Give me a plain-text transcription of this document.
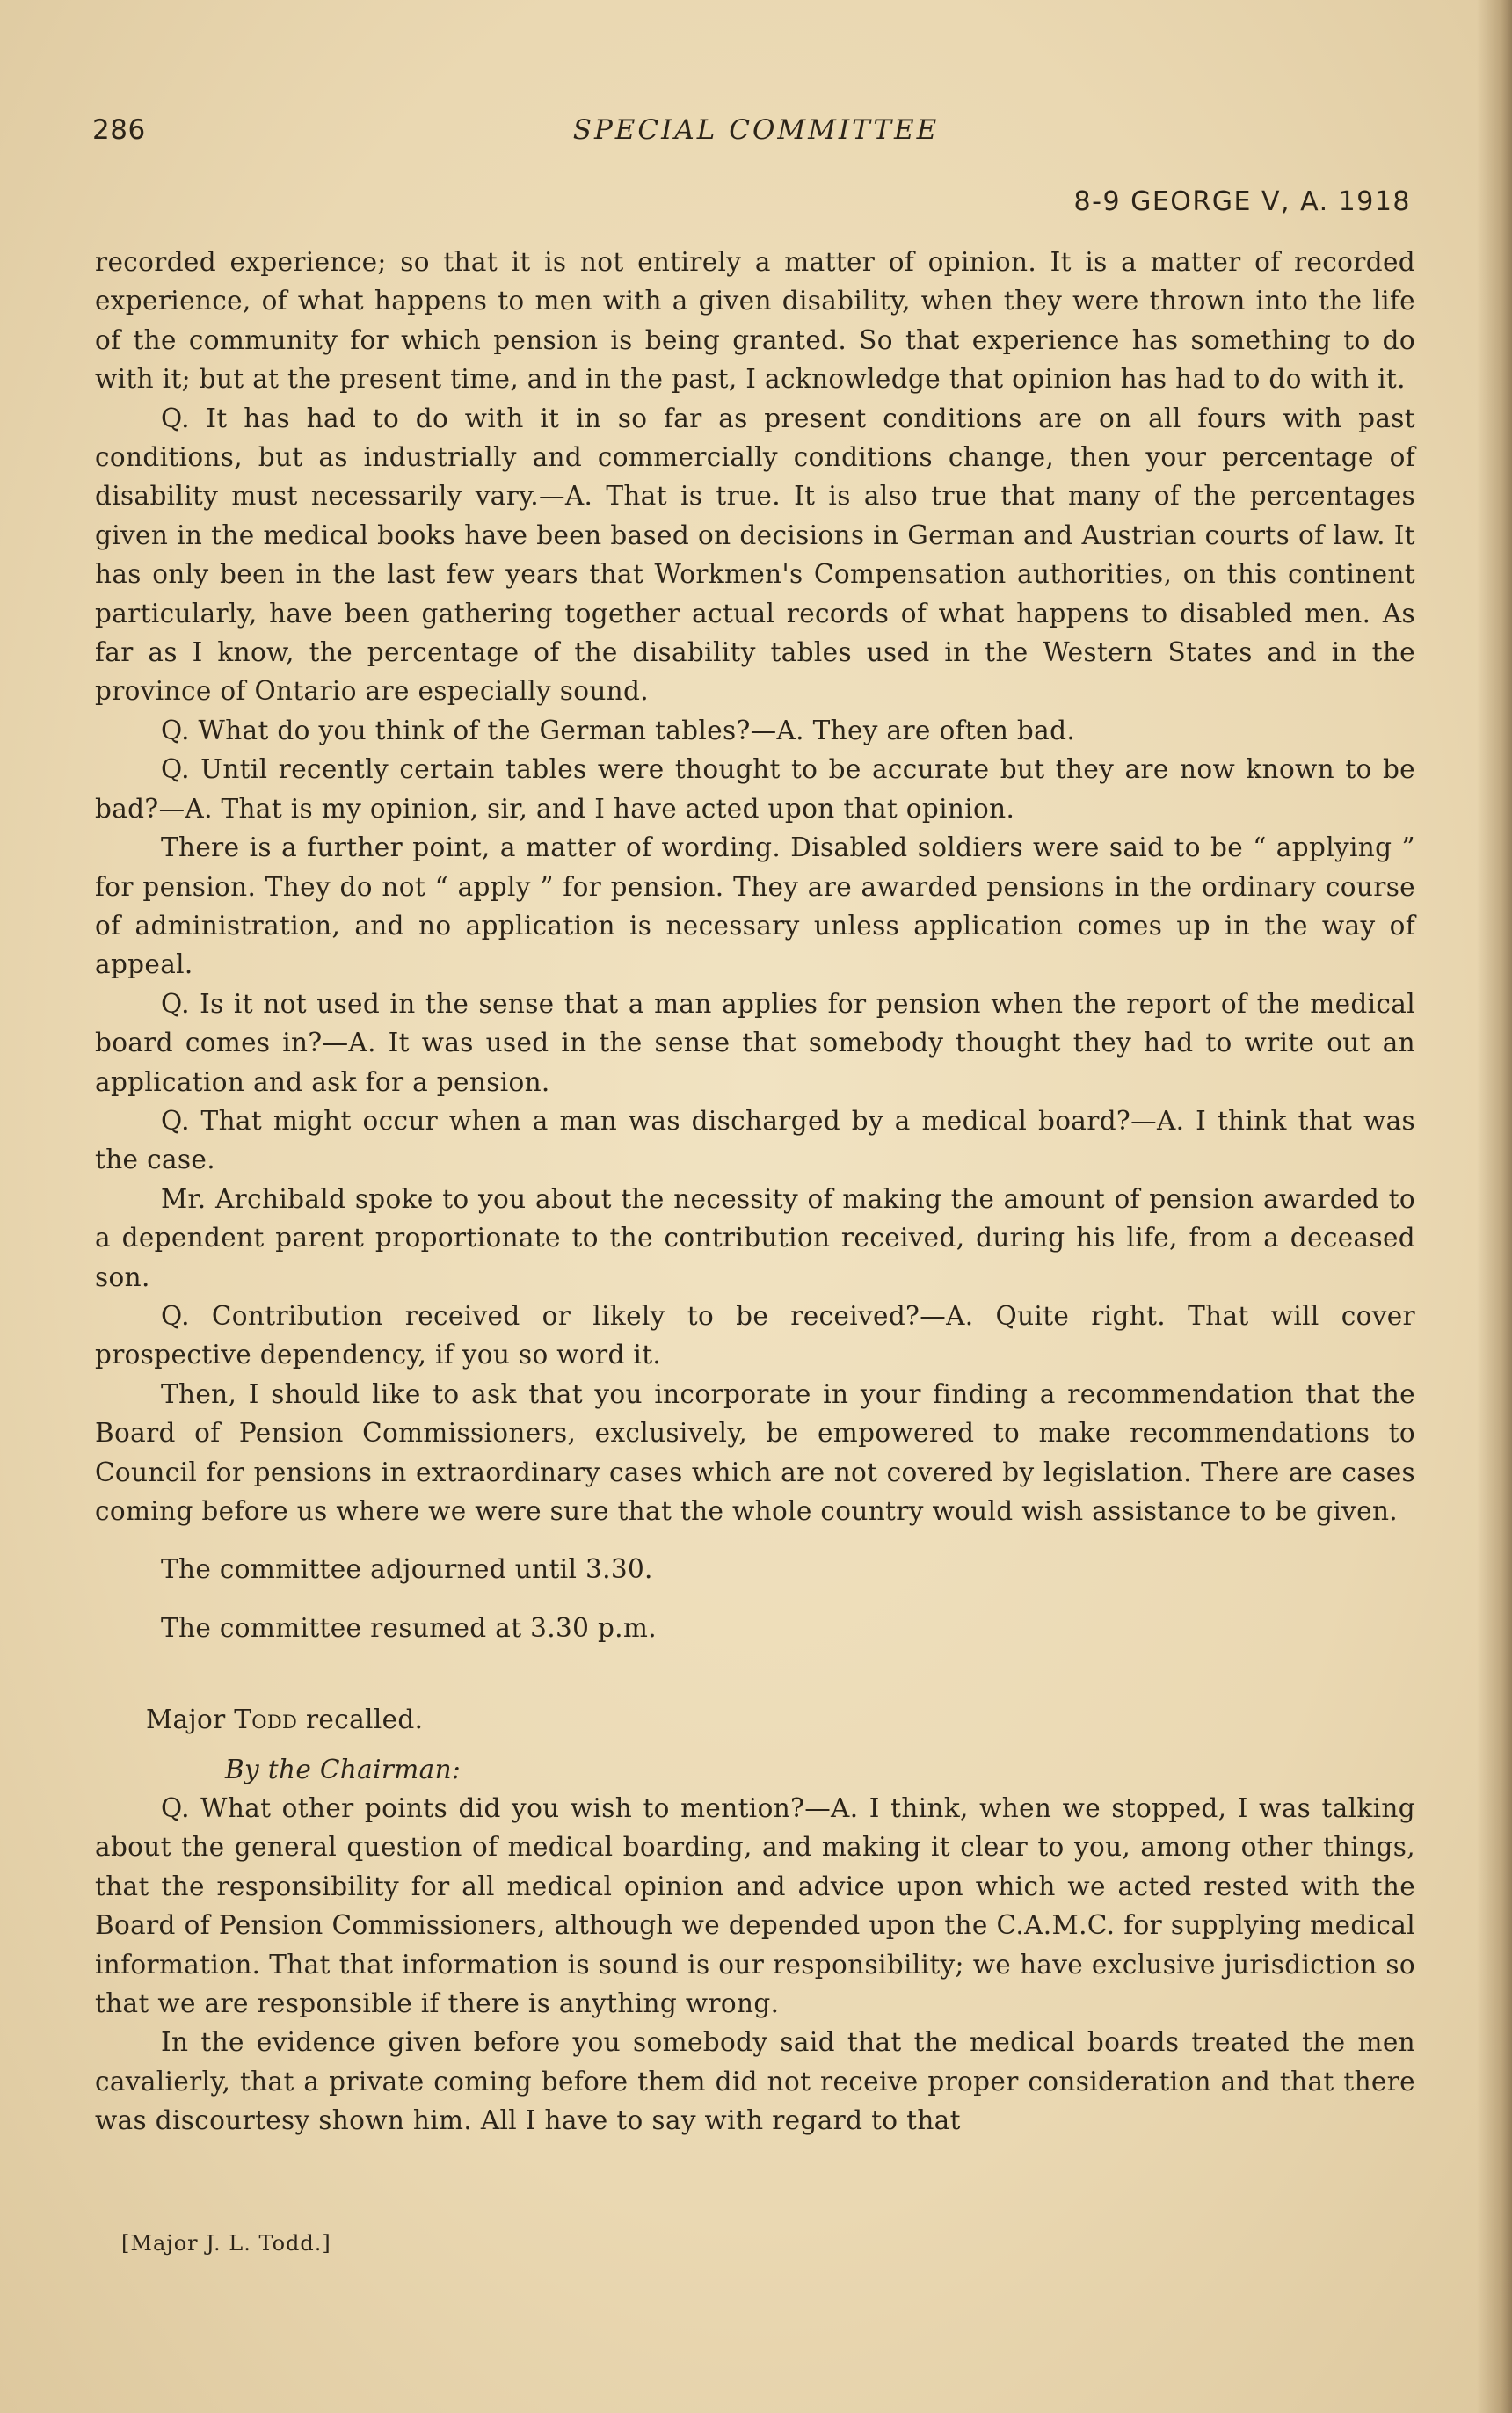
286	SPECIAL COMMITTEE
8-9 GEORGE V, A. 1918

recorded experience; so that it is not entirely a matter of opinion. It is a matter of recorded experience, of what happens to men with a given disability, when they were thrown into the life of the community for which pension is being granted. So that experience has something to do with it; but at the present time, and in the past, I acknowledge that opinion has had to do with it.

Q. It has had to do with it in so far as present conditions are on all fours with past conditions, but as industrially and commercially conditions change, then your percentage of disability must necessarily vary.—A. That is true. It is also true that many of the percentages given in the medical books have been based on decisions in German and Austrian courts of law. It has only been in the last few years that Workmen's Compensation authorities, on this continent particularly, have been gathering together actual records of what happens to disabled men. As far as I know, the percentage of the disability tables used in the Western States and in the province of Ontario are especially sound.

Q. What do you think of the German tables?—A. They are often bad.

Q. Until recently certain tables were thought to be accurate but they are now known to be bad?—A. That is my opinion, sir, and I have acted upon that opinion.

There is a further point, a matter of wording. Disabled soldiers were said to be “ applying ” for pension. They do not “ apply ” for pension. They are awarded pensions in the ordinary course of administration, and no application is necessary unless application comes up in the way of appeal.

Q. Is it not used in the sense that a man applies for pension when the report of the medical board comes in?—A. It was used in the sense that somebody thought they had to write out an application and ask for a pension.

Q. That might occur when a man was discharged by a medical board?—A. I think that was the case.

Mr. Archibald spoke to you about the necessity of making the amount of pension awarded to a dependent parent proportionate to the contribution received, during his life, from a deceased son.

Q. Contribution received or likely to be received?—A. Quite right. That will cover prospective dependency, if you so word it.

Then, I should like to ask that you incorporate in your finding a recommendation that the Board of Pension Commissioners, exclusively, be empowered to make recommendations to Council for pensions in extraordinary cases which are not covered by legislation. There are cases coming before us where we were sure that the whole country would wish assistance to be given.

The committee adjourned until 3.30.

The committee resumed at 3.30 p.m.

Major Todd recalled.

By the Chairman:

Q. What other points did you wish to mention?—A. I think, when we stopped, I was talking about the general question of medical boarding, and making it clear to you, among other things, that the responsibility for all medical opinion and advice upon which we acted rested with the Board of Pension Commissioners, although we depended upon the C.A.M.C. for supplying medical information. That that information is sound is our responsibility; we have exclusive jurisdiction so that we are responsible if there is anything wrong.

In the evidence given before you somebody said that the medical boards treated the men cavalierly, that a private coming before them did not receive proper consideration and that there was discourtesy shown him. All I have to say with regard to that

[Major J. L. Todd.]
